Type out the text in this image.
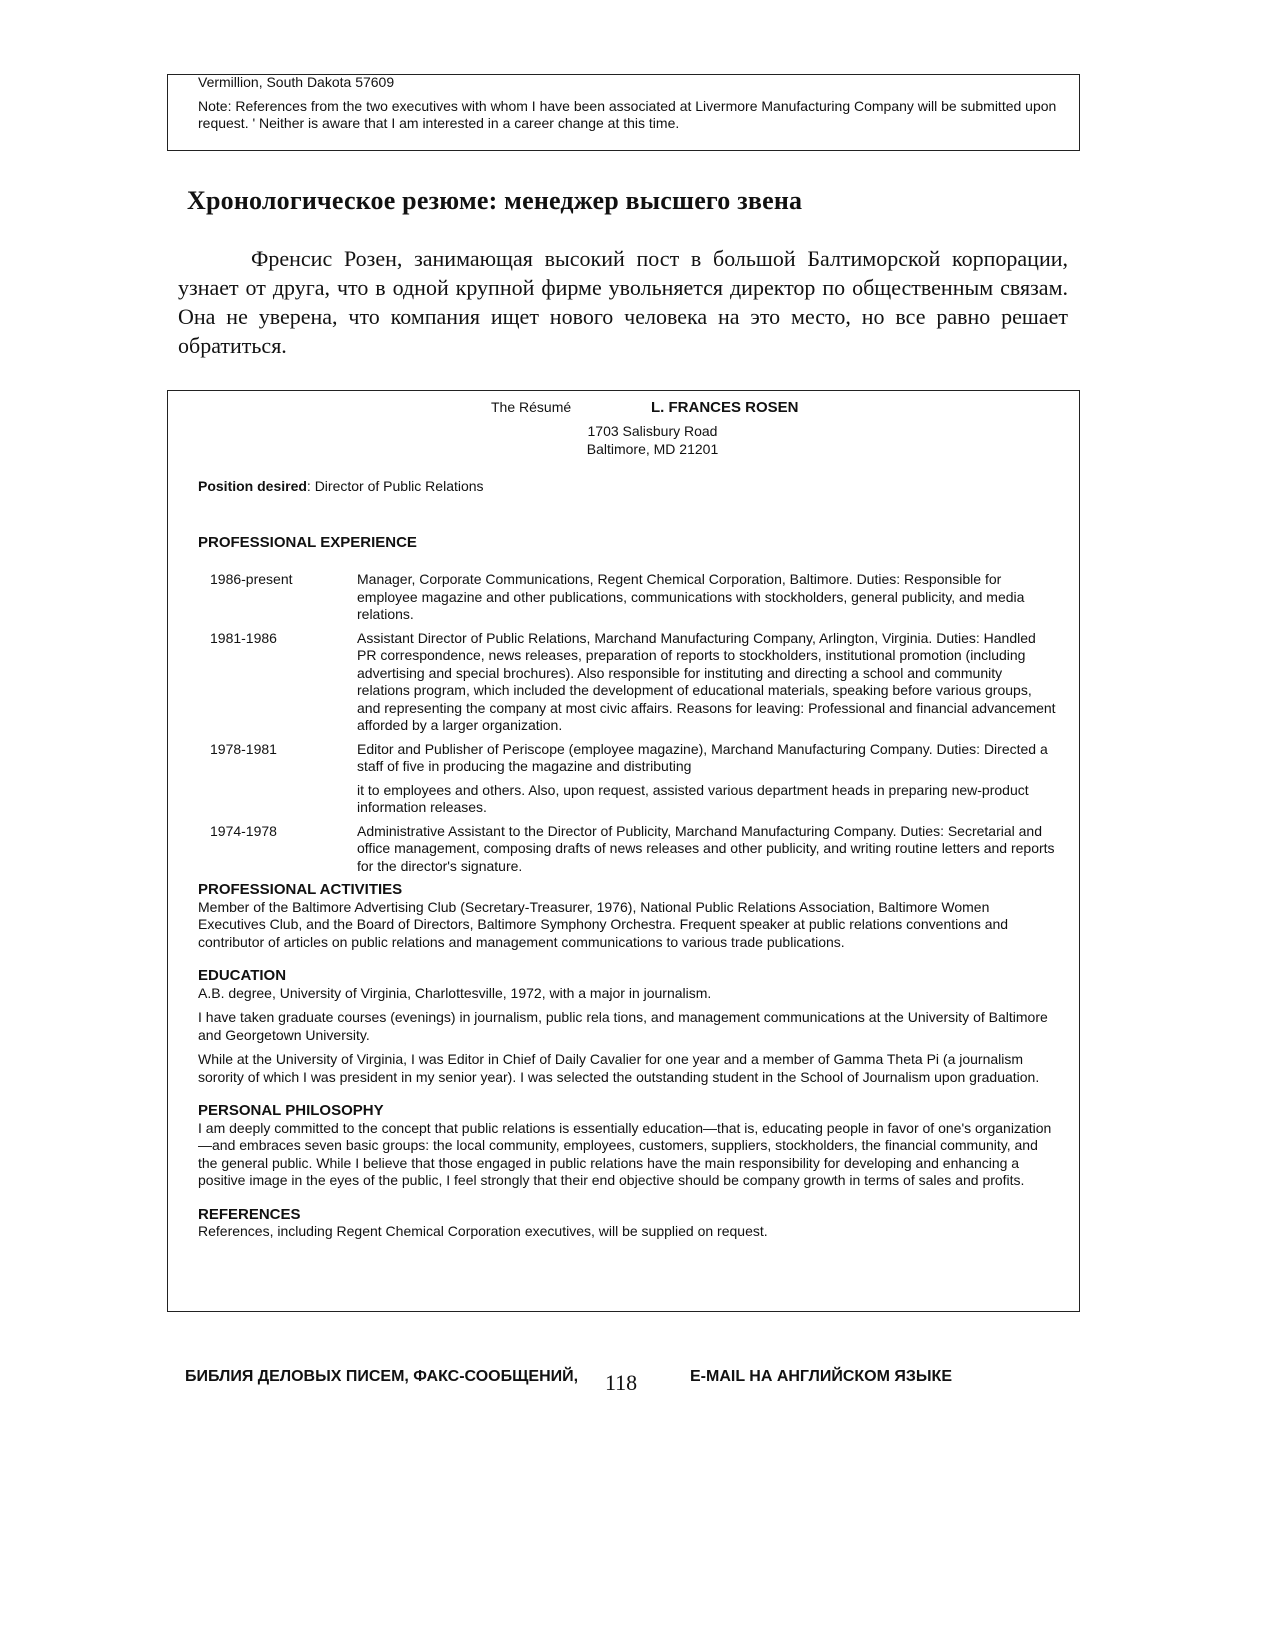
Vermillion, South Dakota 57609

Note: References from the two executives with whom I have been associated at Livermore Manufacturing Company will be submitted upon request. ' Neither is aware that I am interested in a career change at this time.

Хронологическое резюме: менеджер высшего звена

Френсис Розен, занимающая высокий пост в большой Балтиморской корпорации, узнает от друга, что в одной крупной фирме увольняется директор по общественным связам. Она не уверена, что компания ищет нового человека на это место, но все равно решает обратиться.

The Résumé	L. FRANCES ROSEN

1703 Salisbury Road

Baltimore, MD 21201

Position desired: Director of Public Relations

PROFESSIONAL EXPERIENCE

1986-present	Manager, Corporate Communications, Regent Chemical Corporation, Baltimore. Duties: Responsible for employee magazine and other publications, communications with stockholders, general publicity, and media relations.
1981-1986	Assistant Director of Public Relations, Marchand Manufacturing Company, Arlington, Virginia. Duties: Handled PR correspondence, news releases, preparation of reports to stockholders, institutional promotion (including advertising and special brochures). Also responsible for instituting and directing a school and community relations program, which included the development of educational materials, speaking before various groups, and representing the company at most civic affairs. Reasons for leaving: Professional and financial advancement afforded by a larger organization.
1978-1981	Editor and Publisher of Periscope (employee magazine), Marchand Manufacturing Company. Duties: Directed a staff of five in producing the magazine and distributing

it to employees and others. Also, upon request, assisted various department heads in preparing new-product information releases.

1974-1978	Administrative Assistant to the Director of Publicity, Marchand Manufacturing Company. Duties: Secretarial and office management, composing drafts of news releases and other publicity, and writing routine letters and reports for the director's signature.

PROFESSIONAL ACTIVITIES

Member of the Baltimore Advertising Club (Secretary-Treasurer, 1976), National Public Relations Association, Baltimore Women Executives Club, and the Board of Directors, Baltimore Symphony Orchestra. Frequent speaker at public relations conventions and contributor of articles on public relations and management communications to various trade publications.

EDUCATION

A.B. degree, University of Virginia, Charlottesville, 1972, with a major in journalism.

I have taken graduate courses (evenings) in journalism, public rela tions, and management communications at the University of Baltimore and Georgetown University.

While at the University of Virginia, I was Editor in Chief of Daily Cavalier for one year and a member of Gamma Theta Pi (a journalism sorority of which I was president in my senior year). I was selected the outstanding student in the School of Journalism upon graduation.

PERSONAL PHILOSOPHY

I am deeply committed to the concept that public relations is essentially education—that is, educating people in favor of one's organization—and embraces seven basic groups: the local community, employees, customers, suppliers, stockholders, the financial community, and the general public. While I believe that those engaged in public relations have the main responsibility for developing and enhancing a positive image in the eyes of the public, I feel strongly that their end objective should be company growth in terms of sales and profits.

REFERENCES

References, including Regent Chemical Corporation executives, will be supplied on request.

БИБЛИЯ ДЕЛОВЫХ ПИСЕМ, ФАКС-СООБЩЕНИЙ, 118	E-MAIL НА АНГЛИЙСКОМ ЯЗЫКЕ
